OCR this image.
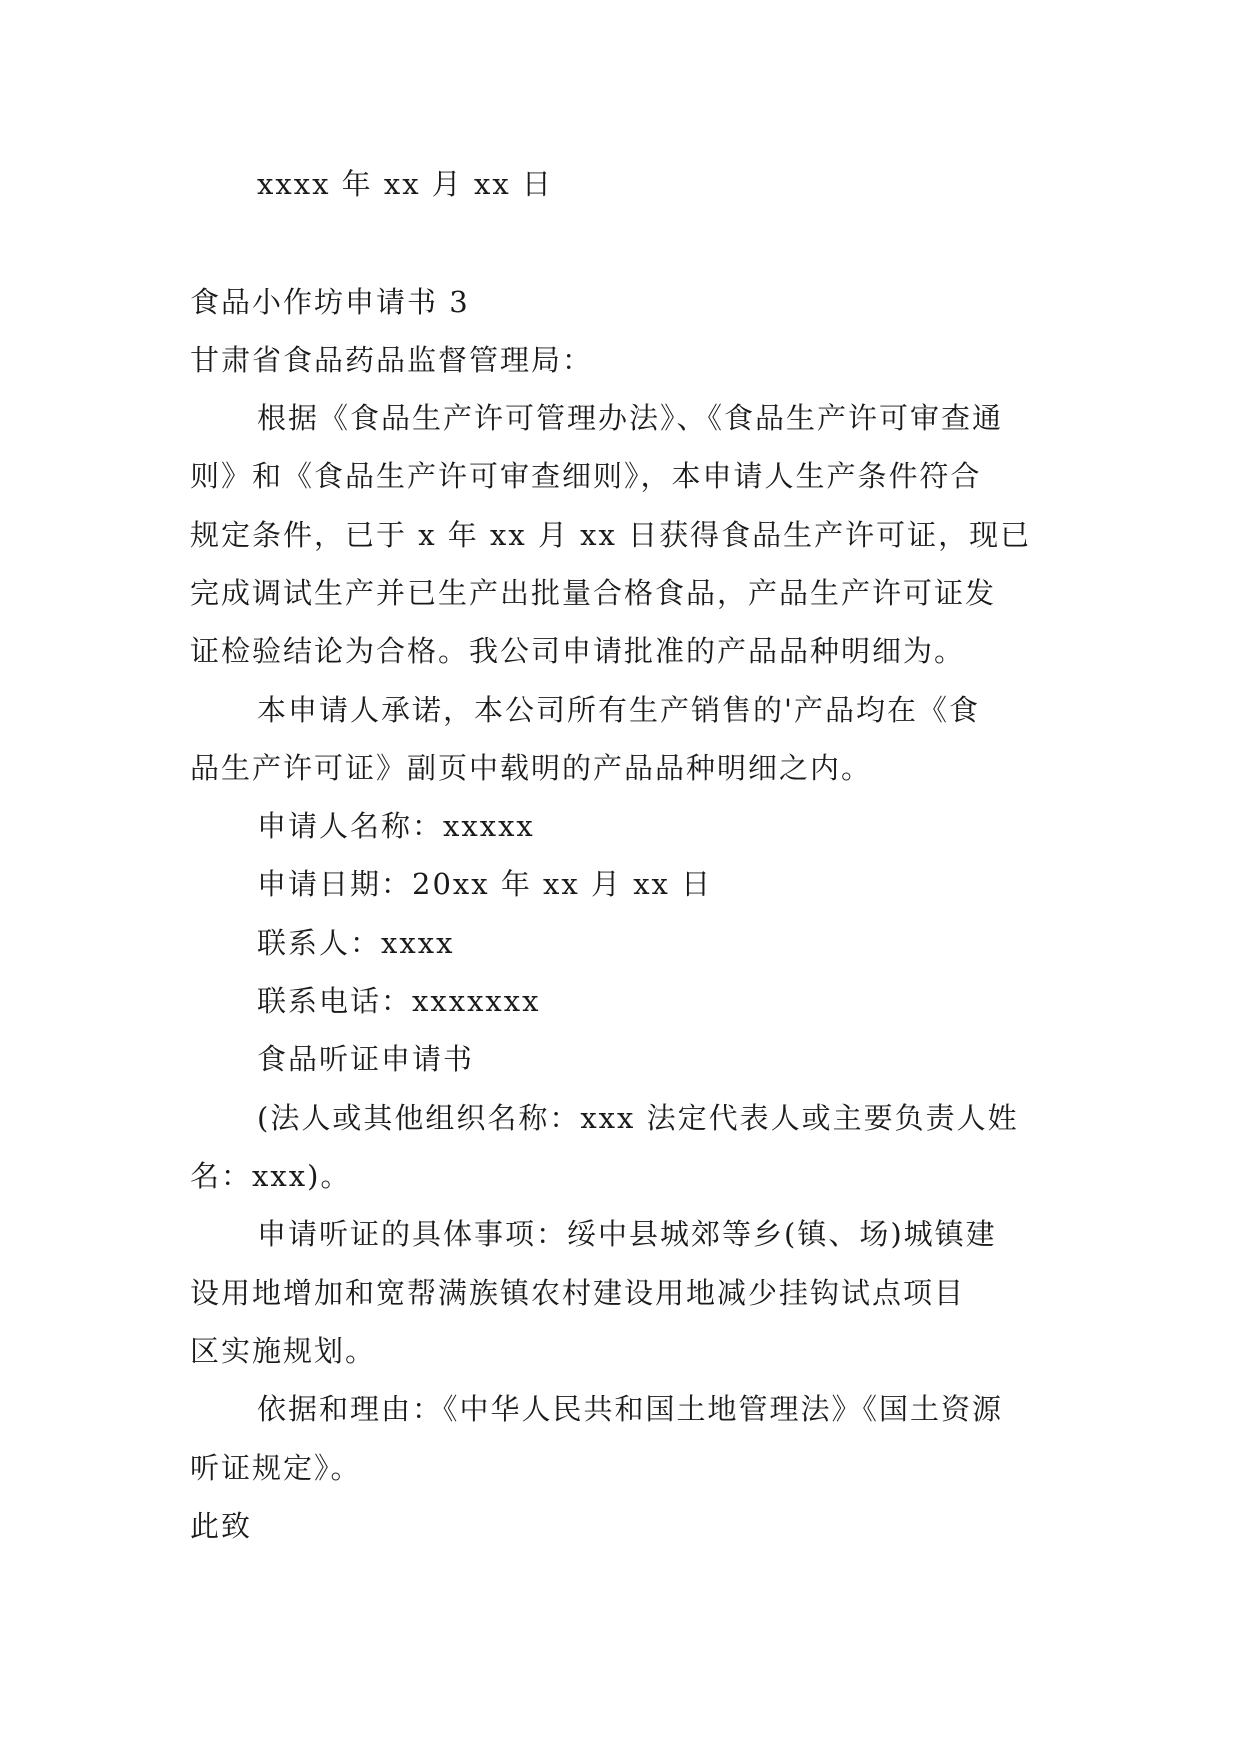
xxxx 年 xx 月 xx 日
食品小作坊申请书 3
甘肃省食品药品监督管理局：
根据《食品生产许可管理办法》、《食品生产许可审查通
则》和《食品生产许可审查细则》，本申请人生产条件符合
规定条件，已于 x 年 xx 月 xx 日获得食品生产许可证，现已
完成调试生产并已生产出批量合格食品，产品生产许可证发
证检验结论为合格。我公司申请批准的产品品种明细为。
本申请人承诺，本公司所有生产销售的'产品均在《食
品生产许可证》副页中载明的产品品种明细之内。
申请人名称：xxxxx
申请日期：20xx 年 xx 月 xx 日
联系人：xxxx
联系电话：xxxxxxx
食品听证申请书
(法人或其他组织名称：xxx 法定代表人或主要负责人姓
名：xxx)。
申请听证的具体事项：绥中县城郊等乡(镇、场)城镇建
设用地增加和宽帮满族镇农村建设用地减少挂钩试点项目
区实施规划。
依据和理由：《中华人民共和国土地管理法》《国土资源
听证规定》。
此致
